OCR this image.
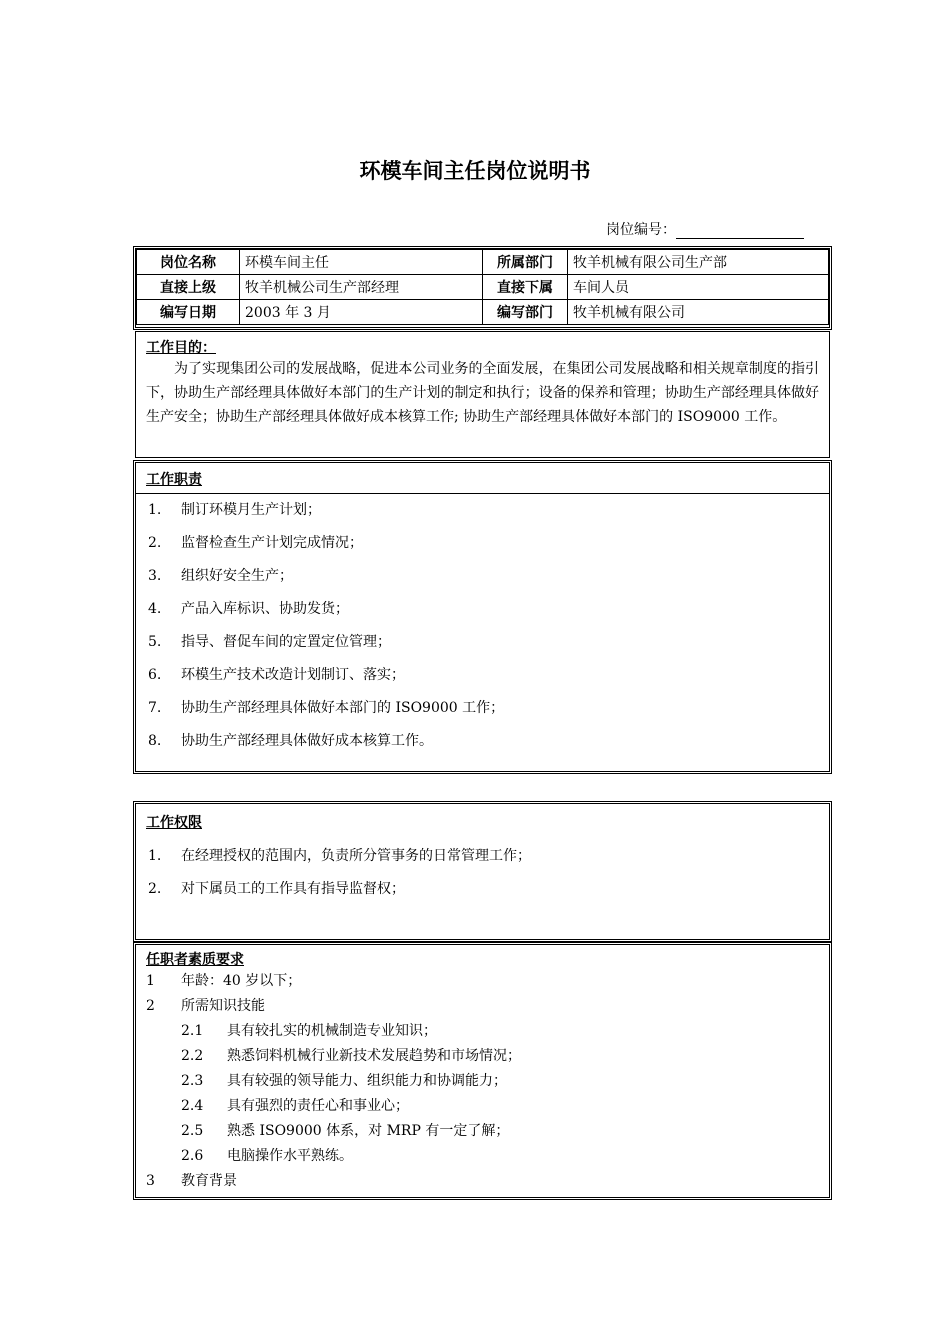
环模车间主任岗位说明书
岗位编号：
岗位名称	环模车间主任	所属部门	牧羊机械有限公司生产部
直接上级	牧羊机械公司生产部经理	直接下属	车间人员
编写日期	2003 年 3 月	编写部门	牧羊机械有限公司
工作目的：
为了实现集团公司的发展战略，促进本公司业务的全面发展，在集团公司发展战略和相关规章制度的指引下，协助生产部经理具体做好本部门的生产计划的制定和执行；设备的保养和管理；协助生产部经理具体做好生产安全；协助生产部经理具体做好成本核算工作; 协助生产部经理具体做好本部门的 ISO9000 工作。
工作职责
1. 制订环模月生产计划；
2. 监督检查生产计划完成情况；
3. 组织好安全生产；
4. 产品入库标识、协助发货；
5. 指导、督促车间的定置定位管理；
6. 环模生产技术改造计划制订、落实；
7. 协助生产部经理具体做好本部门的 ISO9000 工作；
8. 协助生产部经理具体做好成本核算工作。
工作权限
1. 在经理授权的范围内，负责所分管事务的日常管理工作；
2. 对下属员工的工作具有指导监督权；
任职者素质要求
1 年龄：40 岁以下；
2 所需知识技能
2.1 具有较扎实的机械制造专业知识；
2.2 熟悉饲料机械行业新技术发展趋势和市场情况；
2.3 具有较强的领导能力、组织能力和协调能力；
2.4 具有强烈的责任心和事业心；
2.5 熟悉 ISO9000 体系，对 MRP 有一定了解；
2.6 电脑操作水平熟练。
3 教育背景
